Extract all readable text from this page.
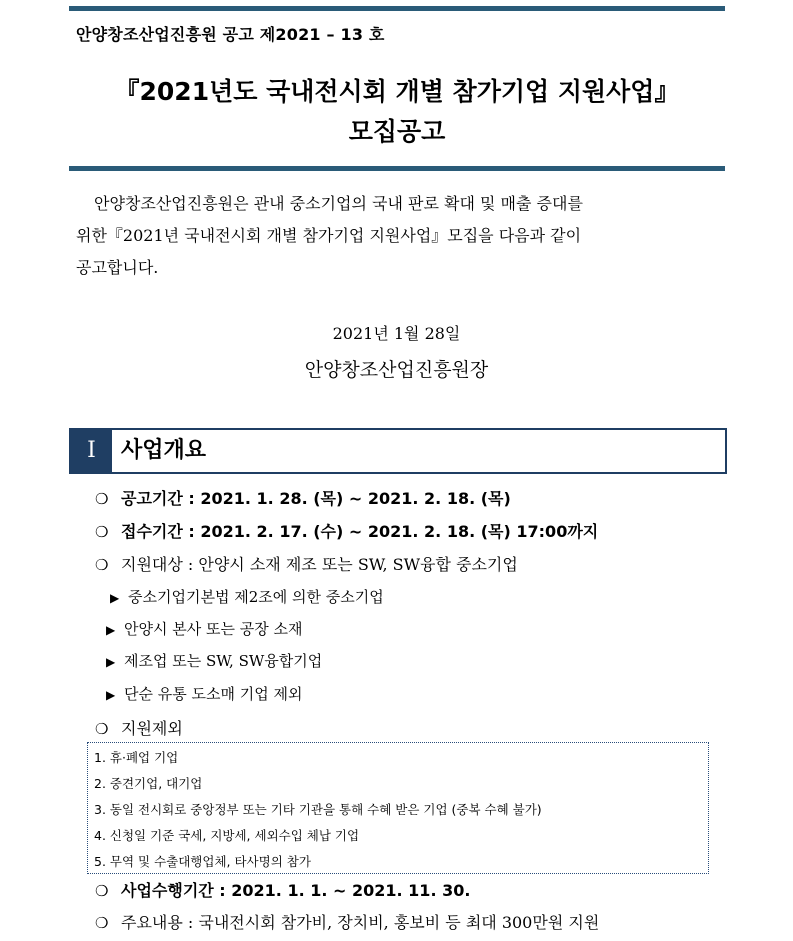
안양창조산업진흥원 공고 제2021 – 13 호
『2021년도 국내전시회 개별 참가기업 지원사업』
모집공고
안양창조산업진흥원은 관내 중소기업의 국내 판로 확대 및 매출 증대를
위한『2021년 국내전시회 개별 참가기업 지원사업』모집을 다음과 같이
공고합니다.
2021년 1월 28일
안양창조산업진흥원장
Ⅰ	사업개요
❍ 공고기간 : 2021. 1. 28. (목) ~ 2021. 2. 18. (목)
❍ 접수기간 : 2021. 2. 17. (수) ~ 2021. 2. 18. (목) 17:00까지
❍ 지원대상 : 안양시 소재 제조 또는 SW, SW융합 중소기업
▶ 중소기업기본법 제2조에 의한 중소기업
▶ 안양시 본사 또는 공장 소재
▶ 제조업 또는 SW, SW융합기업
▶ 단순 유통 도소매 기업 제외
❍ 지원제외
1. 휴·폐업 기업
2. 중견기업, 대기업
3. 동일 전시회로 중앙정부 또는 기타 기관을 통해 수혜 받은 기업 (중복 수혜 불가)
4. 신청일 기준 국세, 지방세, 세외수입 체납 기업
5. 무역 및 수출대행업체, 타사명의 참가
❍ 사업수행기간 : 2021. 1. 1. ~ 2021. 11. 30.
❍ 주요내용 : 국내전시회 참가비, 장치비, 홍보비 등 최대 300만원 지원
